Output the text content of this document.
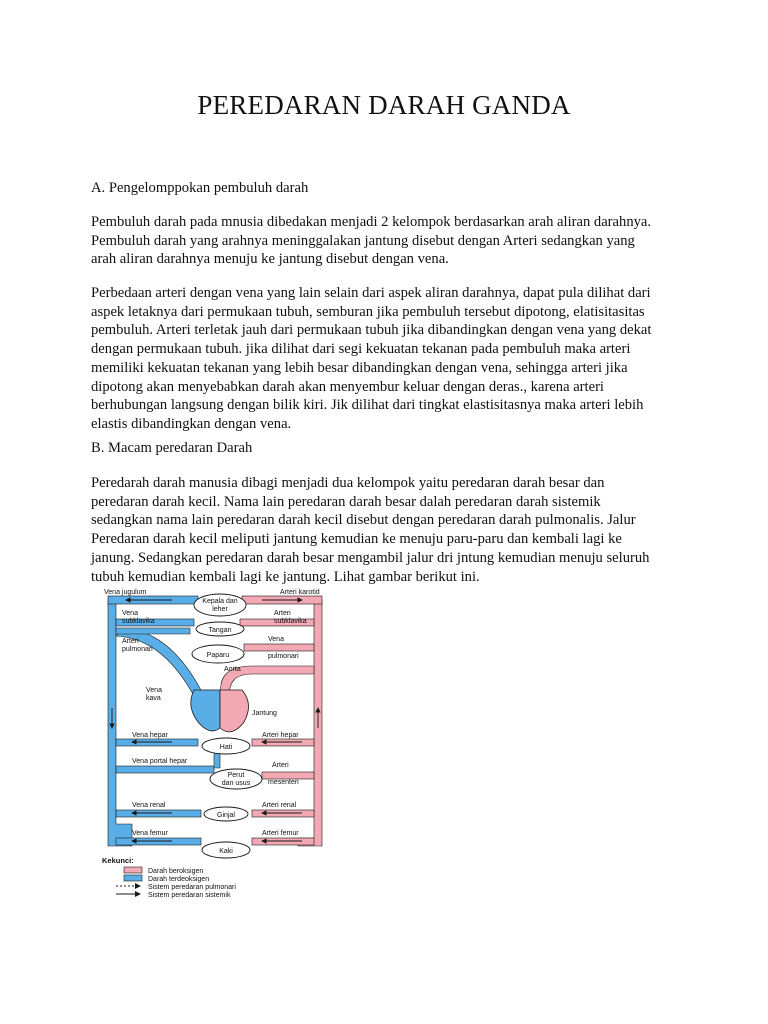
PEREDARAN DARAH GANDA

A. Pengelomppokan pembuluh darah

Pembuluh darah pada mnusia dibedakan menjadi 2 kelompok berdasarkan arah aliran darahnya.
Pembuluh darah yang arahnya meninggalakan jantung disebut dengan Arteri sedangkan yang
arah aliran darahnya menuju ke jantung disebut dengan vena.

Perbedaan arteri dengan vena yang lain selain dari aspek aliran darahnya, dapat pula dilihat dari
aspek letaknya dari permukaan tubuh, semburan jika pembuluh tersebut dipotong, elatisitasitas
pembuluh. Arteri terletak jauh dari permukaan tubuh jika dibandingkan dengan vena yang dekat
dengan permukaan tubuh. jika dilihat dari segi kekuatan tekanan pada pembuluh maka arteri
memiliki kekuatan tekanan yang lebih besar dibandingkan dengan vena, sehingga arteri jika
dipotong akan menyebabkan darah akan menyembur keluar dengan deras., karena arteri
berhubungan langsung dengan bilik kiri. Jik dilihat dari tingkat elastisitasnya maka arteri lebih
elastis dibandingkan dengan vena.

B. Macam peredaran Darah

Peredarah darah manusia dibagi menjadi dua kelompok yaitu peredaran darah besar dan
peredaran darah kecil. Nama lain peredaran darah besar dalah peredaran darah sistemik
sedangkan nama lain peredaran darah kecil disebut dengan peredaran darah pulmonalis. Jalur
Peredaran darah kecil meliputi jantung kemudian ke menuju paru-paru dan kembali lagi ke
janung. Sedangkan peredaran darah besar mengambil jalur dri jntung kemudian menuju seluruh
tubuh kemudian kembali lagi ke jantung. Lihat gambar berikut ini.

Kepala dan
leher
Tangan
Paparu
Hati
Perut
dan usus
Ginjal
Kaki
Vena jugulum	Arteri karotid
Vena
subklavika
Arteri
subklavika
Arteri
pulmonari
Vena
pulmonari
Aorta
Vena
kava
Jantung
Vena hepar	Arteri hepar
Vena portal hepar
Arteri
mesenteri
Vena renal	Arteri renal
Vena femur	Arteri femur
Kekunci:
Darah beroksigen
Darah terdeoksigen
Sistem peredaran pulmonari
Sistem peredaran sistemik
